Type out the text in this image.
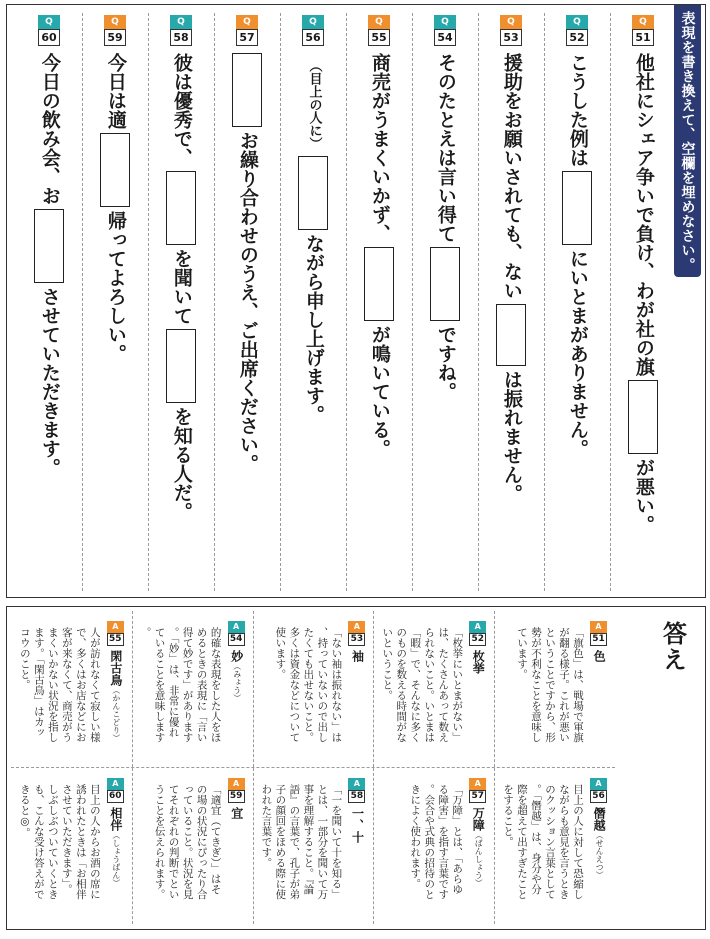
表現を書き換えて、空欄を埋めなさい。
Q
51
他社にシェア争いで負け、わが社の旗
が悪い。
Q
52
こうした例は
にいとまがありません。
Q
53
援助をお願いされても、ない
は振れません。
Q
54
そのたとえは言い得て
ですね。
Q
55
商売がうまくいかず、
が鳴いている。
Q
56
（目上の人に）
ながら申し上げます。
Q
57
お繰り合わせのうえ、ご出席ください。
Q
58
彼は優秀で、
を聞いて
を知る人だ。
Q
59
今日は適
帰ってよろしい。
Q
60
今日の飲み会、お
させていただきます。
答え
A
51
色
「旗色」は、戦場で軍旗が翻る様子。これが悪いということですから、形勢が不利なことを意味しています。
A
52
枚挙
「枚挙にいとまがない」は、たくさんあって数えられないこと。いとまは「暇」で、そんなに多くのものを数える時間がないということ。
A
53
袖
「ない袖は振れない」は、持っていないので出したくても出せないこと。多くは資金などについて使います。
A
54
妙（みょう）
的確な表現をした人をほめるときの表現に「言い得て妙です」があります。「妙」は、非常に優れていることを意味します。
A
55
閑古鳥（かんこどり）
人が訪れなくて寂しい様で、多くはお店などにお客が来なくて、商売がうまくいかない状況を指します。「閑古鳥」はカッコウのこと。
A
56
僭越（せんえつ）
目上の人に対して恐縮しながらも意見を言うときのクッション言葉として。「僭越」は、身分や分際を超えて出すぎたことをすること。
A
57
万障（ばんしょう）
「万障」とは、「あらゆる障害」を指す言葉です。会合や式典の招待のときによく使われます。
A
58
一、十
「一を聞いて十を知る」とは、一部分を聞いて万事を理解すること。『論語』の言葉で、孔子が弟子の顔回をほめる際に使われた言葉です。
A
59
宜
「適宜（てきぎ）」はその場の状況にぴったり合っていること。状況を見てそれぞれの判断でということを伝えられます。
A
60
相伴（しょうばん）
目上の人からお酒の席に誘われたときは「お相伴させていただきます」。しぶしぶついていくときも、こんな受け答えができると◎。
